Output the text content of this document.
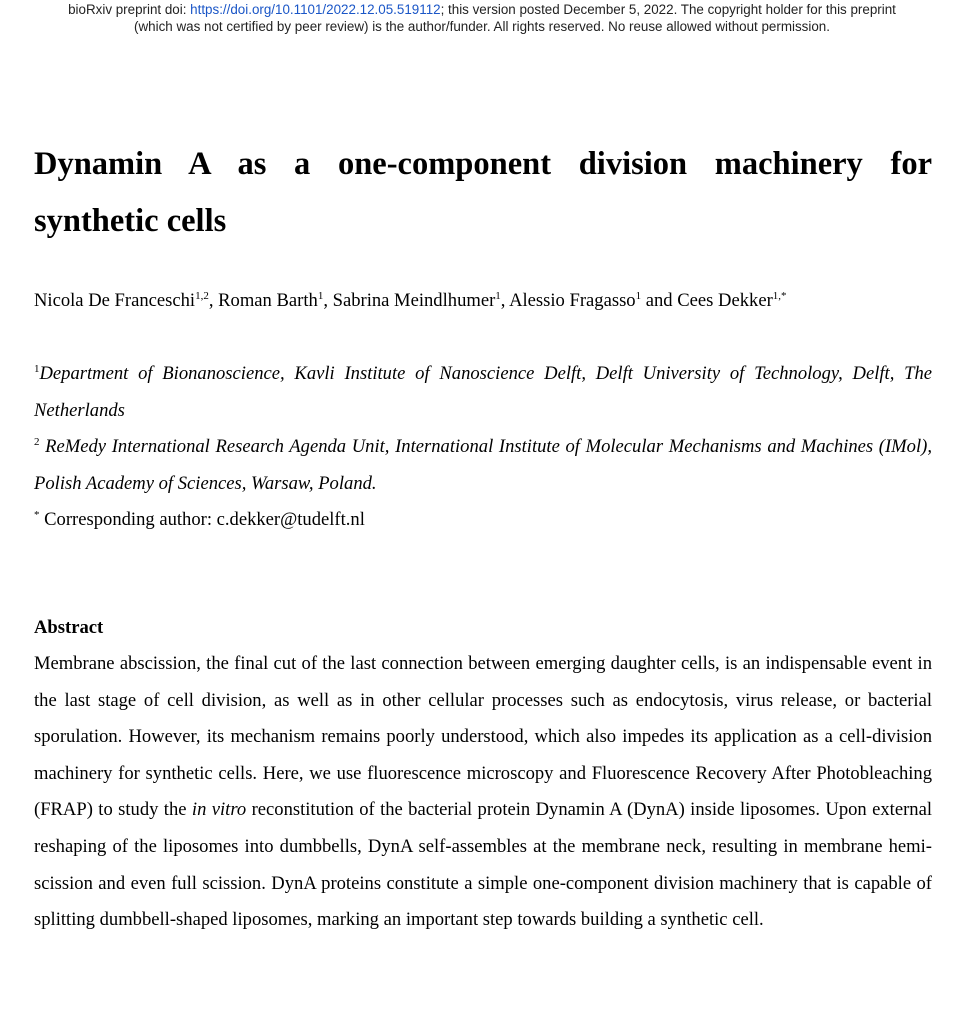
bioRxiv preprint doi: https://doi.org/10.1101/2022.12.05.519112; this version posted December 5, 2022. The copyright holder for this preprint
(which was not certified by peer review) is the author/funder. All rights reserved. No reuse allowed without permission.
Dynamin A as a one-component division machinery for
synthetic cells
Nicola De Franceschi$^{1,2}$, Roman Barth$^1$, Sabrina Meindlhumer$^1$, Alessio Fragasso$^1$ and Cees Dekker$^{1,*}$
$^1$Department of Bionanoscience, Kavli Institute of Nanoscience Delft, Delft University of Technology, Delft, The Netherlands
$^2$ ReMedy International Research Agenda Unit, International Institute of Molecular Mechanisms and Machines (IMol), Polish Academy of Sciences, Warsaw, Poland.
* Corresponding author: c.dekker@tudelft.nl
Abstract

Membrane abscission, the final cut of the last connection between emerging daughter cells, is an indispensable event in the last stage of cell division, as well as in other cellular processes such as endocytosis, virus release, or bacterial sporulation. However, its mechanism remains poorly understood, which also impedes its application as a cell-division machinery for synthetic cells. Here, we use fluorescence microscopy and Fluorescence Recovery After Photobleaching (FRAP) to study the in vitro reconstitution of the bacterial protein Dynamin A (DynA) inside liposomes. Upon external reshaping of the liposomes into dumbbells, DynA self-assembles at the membrane neck, resulting in membrane hemi-scission and even full scission. DynA proteins constitute a simple one-component division machinery that is capable of splitting dumbbell-shaped liposomes, marking an important step towards building a synthetic cell.
